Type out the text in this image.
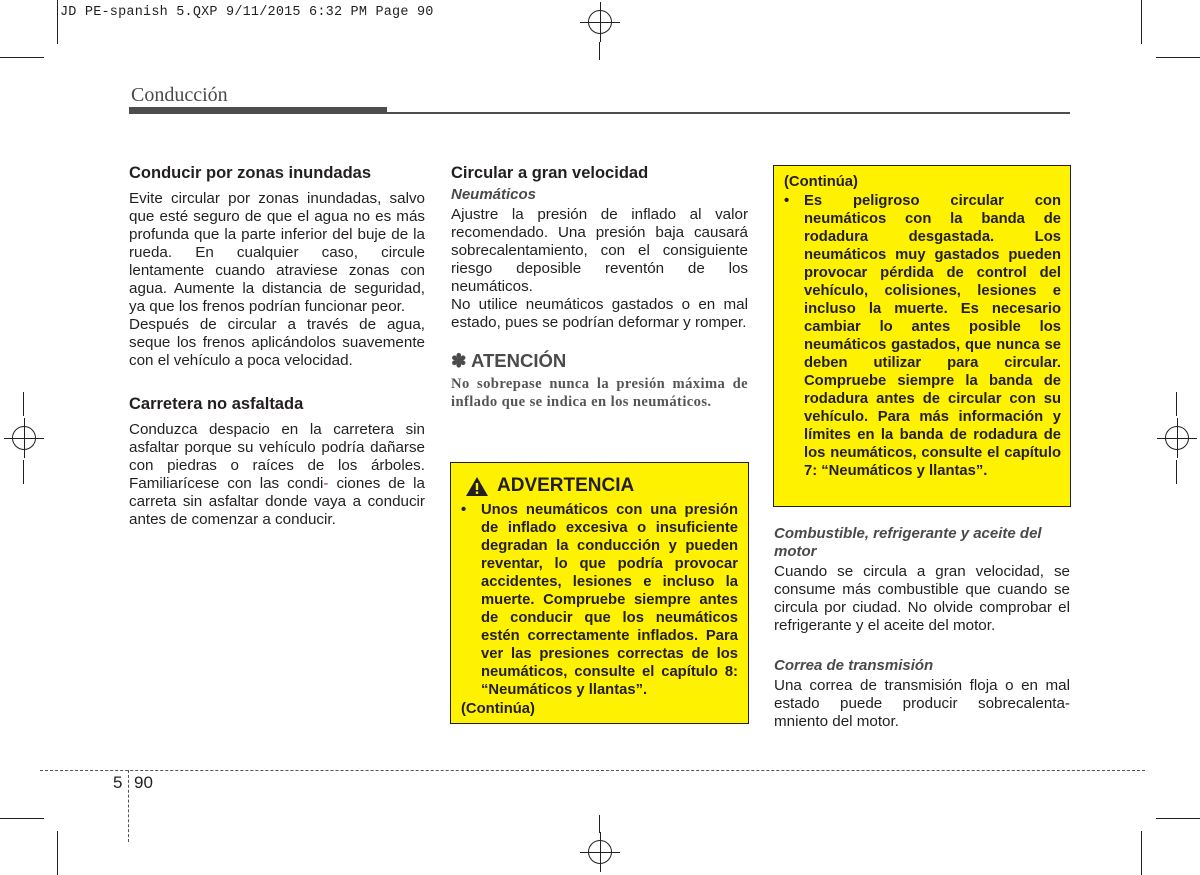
JD PE-spanish 5.QXP 9/11/2015 6:32 PM Page 90
Conducción
Conducir por zonas inundadas

Evite circular por zonas inundadas, salvo que esté seguro de que el agua no es más profunda que la parte inferior del buje de la rueda. En cualquier caso, circule lentamente cuando atraviese zonas con agua. Aumente la distancia de seguridad, ya que los frenos podrían funcionar peor.

Después de circular a través de agua, seque los frenos aplicándolos suavemente con el vehículo a poca velocidad.

Carretera no asfaltada

Conduzca despacio en la carretera sin asfaltar porque su vehículo podría dañarse con piedras o raíces de los árboles. Familiarícese con las condi- ciones de la carreta sin asfaltar donde vaya a conducir antes de comenzar a conducir.

Circular a gran velocidad
Neumáticos

Ajustre la presión de inflado al valor recomendado. Una presión baja causará sobrecalentamiento, con el consiguiente riesgo deposible reventón de los neumáticos.

No utilice neumáticos gastados o en mal estado, pues se podrían deformar y romper.

✽ ATENCIÓN

No sobrepase nunca la presión máxima de inflado que se indica en los neumáticos.

ADVERTENCIA
•	Unos neumáticos con una presión de inflado excesiva o insuficiente degradan la conducción y pueden reventar, lo que podría provocar accidentes, lesiones e incluso la muerte. Compruebe siempre antes de conducir que los neumáticos estén correctamente inflados. Para ver las presiones correctas de los neumáticos, consulte el capítulo 8: “Neumáticos y llantas”.
(Continúa)
(Continúa)
•	Es peligroso circular con neumáticos con la banda de rodadura desgastada. Los neumáticos muy gastados pueden provocar pérdida de control del vehículo, colisiones, lesiones e incluso la muerte. Es necesario cambiar lo antes posible los neumáticos gastados, que nunca se deben utilizar para circular. Compruebe siempre la banda de rodadura antes de circular con su vehículo. Para más información y límites en la banda de rodadura de los neumáticos, consulte el capítulo 7: “Neumáticos y llantas”.
Combustible, refrigerante y aceite del motor

Cuando se circula a gran velocidad, se consume más combustible que cuando se circula por ciudad. No olvide comprobar el refrigerante y el aceite del motor.

Correa de transmisión

Una correa de transmisión floja o en mal estado puede producir sobrecalenta-mniento del motor.

5 90
